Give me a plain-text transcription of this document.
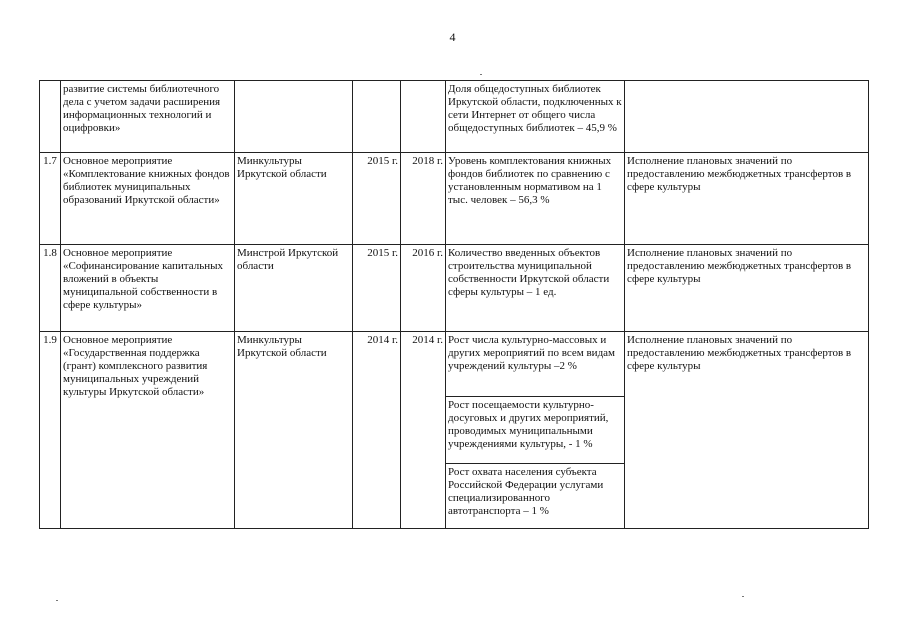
4
	развитие системы библиотечного дела с учетом задачи расширения информационных технологий и оцифровки»				Доля общедоступных библиотек Иркутской области, подключенных к сети Интернет от общего числа общедоступных библиотек – 45,9 %	
1.7	Основное мероприятие «Комплектование книжных фондов библиотек муниципальных образований Иркутской области»	Минкультуры Иркутской области	2015 г.	2018 г.	Уровень комплектования книжных фондов библиотек по сравнению с установленным нормативом на 1 тыс. человек – 56,3 %	Исполнение плановых значений по предоставлению межбюджетных трансфертов в сфере культуры
1.8	Основное мероприятие «Софинансирование капитальных вложений в объекты муниципальной собственности в сфере культуры»	Минстрой Иркутской области	2015 г.	2016 г.	Количество введенных объектов строительства муниципальной собственности Иркутской области сферы культуры – 1 ед.	Исполнение плановых значений по предоставлению межбюджетных трансфертов в сфере культуры
1.9	Основное мероприятие «Государственная поддержка (грант) комплексного развития муниципальных учреждений культуры Иркутской области»	Минкультуры Иркутской области	2014 г.	2014 г.	Рост числа культурно-массовых и других мероприятий по всем видам учреждений культуры –2 %	Исполнение плановых значений по предоставлению межбюджетных трансфертов в сфере культуры
					Рост посещаемости культурно-досуговых и других мероприятий, проводимых муниципальными учреждениями культуры, - 1 %	
					Рост охвата населения субъекта Российской Федерации услугами специализированного автотранспорта – 1 %	
